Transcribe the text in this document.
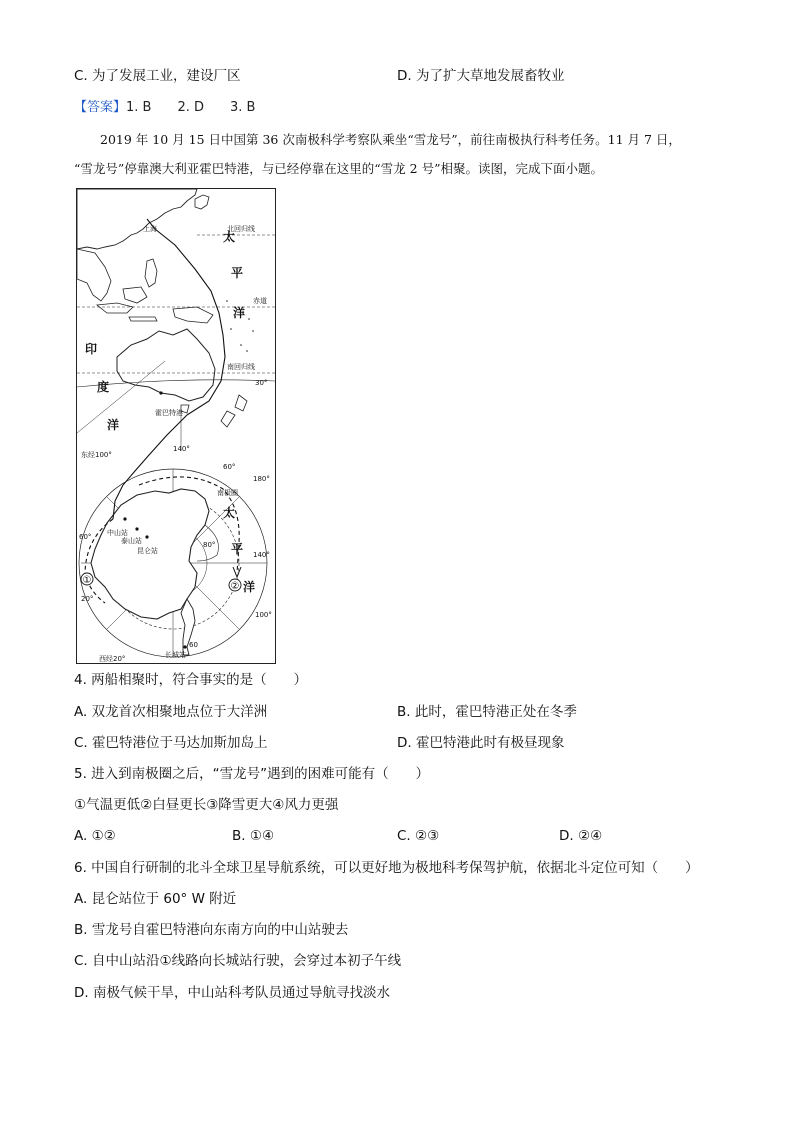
C. 为了发展工业，建设厂区	D. 为了扩大草地发展畜牧业
【答案】1. B　　2. D　　3. B
2019 年 10 月 15 日中国第 36 次南极科学考察队乘坐“雪龙号”，前往南极执行科考任务。11 月 7 日，
“雪龙号”停靠澳大利亚霍巴特港，与已经停靠在这里的“雪龙 2 号”相聚。读图，完成下面小题。
太
平
洋
印
度
洋
太
平
洋
上海	北回归线
赤道
南回归线
30°
霍巴特港
140°
东经100°
60°
180°
南极圈
60° 中山站
泰山站
昆仑站
80°
140°
100°
20°
西经20°
60
长城站
①
②
4. 两船相聚时，符合事实的是（　　）
A. 双龙首次相聚地点位于大洋洲	B. 此时，霍巴特港正处在冬季
C. 霍巴特港位于马达加斯加岛上	D. 霍巴特港此时有极昼现象
5. 进入到南极圈之后，“雪龙号”遇到的困难可能有（　　）
①气温更低②白昼更长③降雪更大④风力更强
A. ①②	B. ①④	C. ②③	D. ②④
6. 中国自行研制的北斗全球卫星导航系统，可以更好地为极地科考保驾护航，依据北斗定位可知（　　）
A. 昆仑站位于 60° W 附近
B. 雪龙号自霍巴特港向东南方向的中山站驶去
C. 自中山站沿①线路向长城站行驶，会穿过本初子午线
D. 南极气候干旱，中山站科考队员通过导航寻找淡水
